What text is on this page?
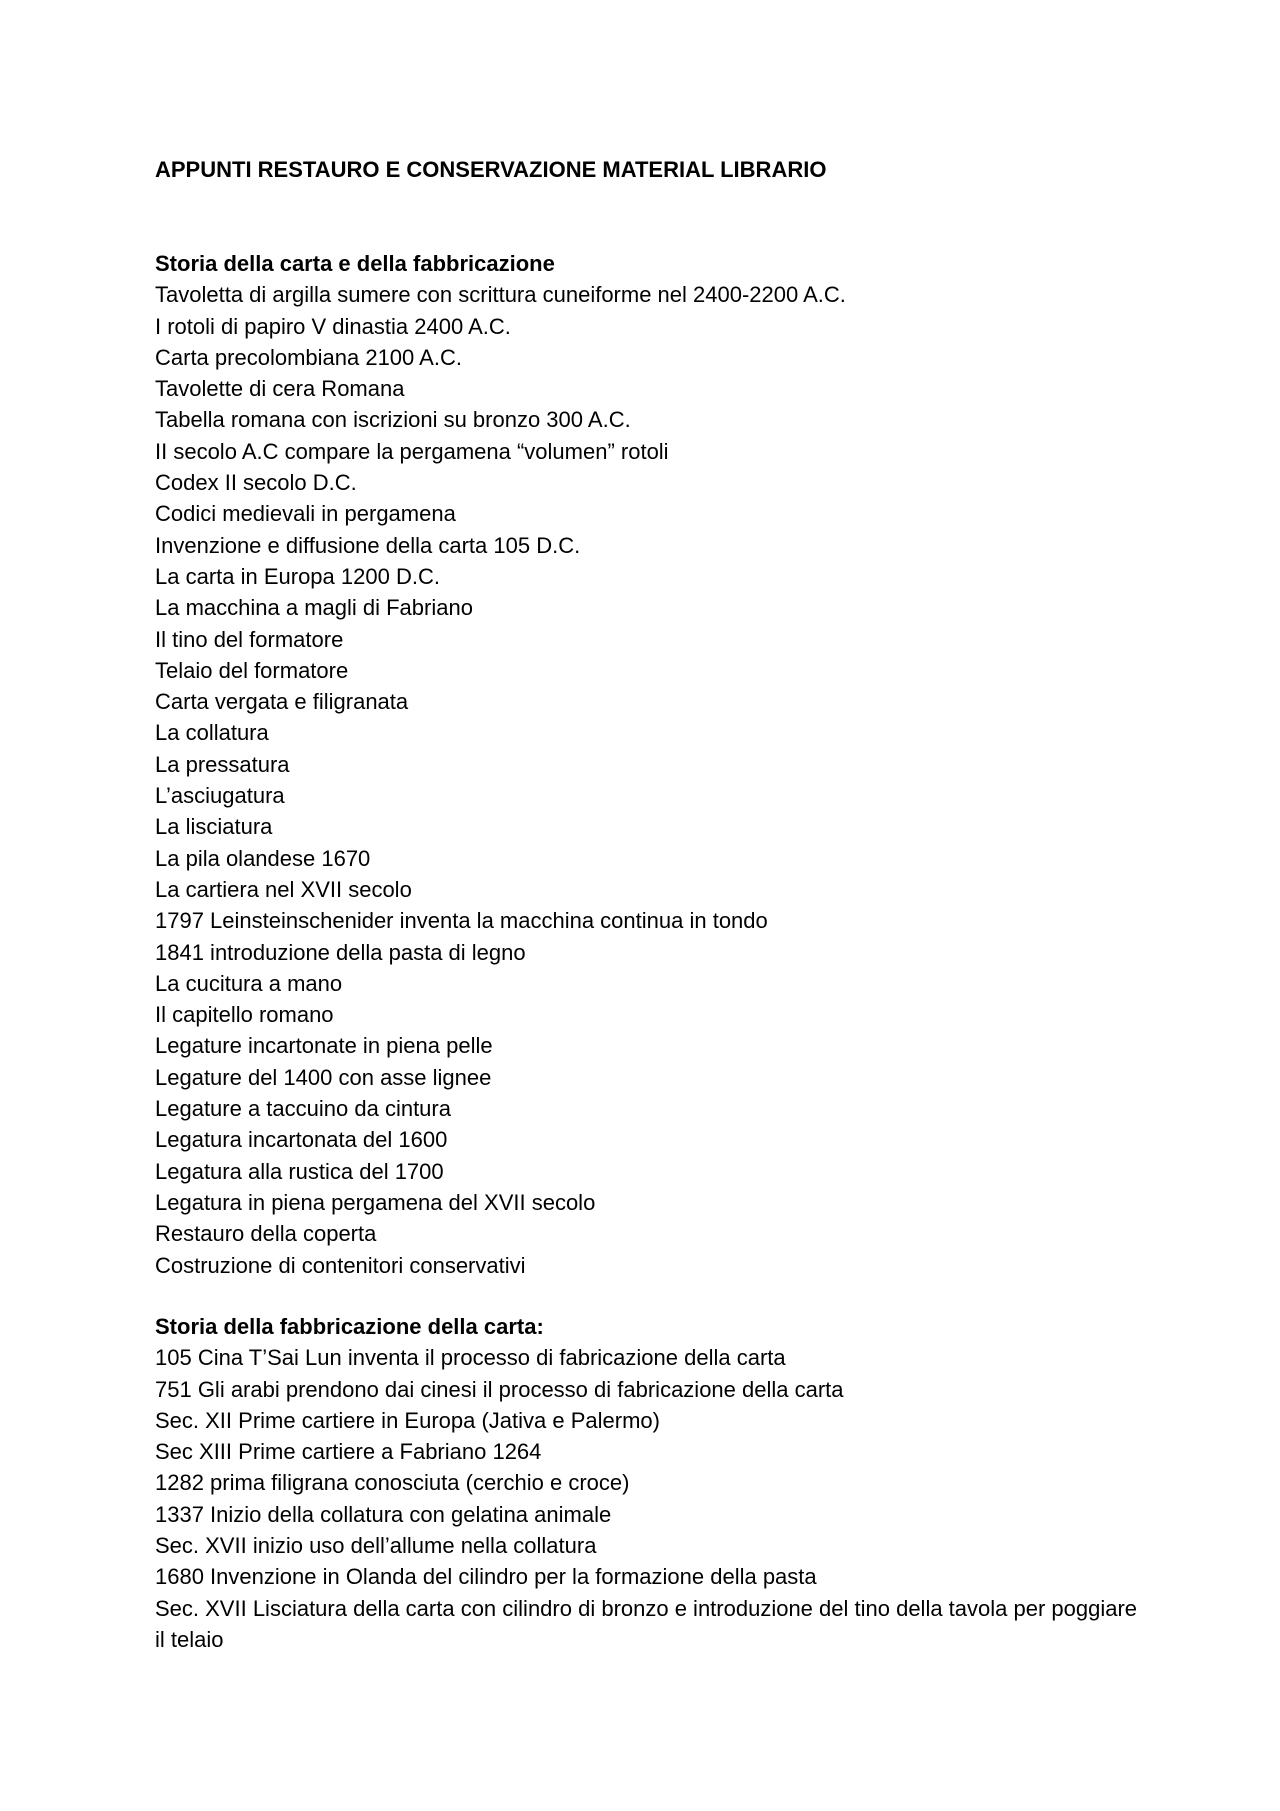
APPUNTI RESTAURO E CONSERVAZIONE MATERIAL LIBRARIO
Storia della carta e della fabbricazione

Tavoletta di argilla sumere con scrittura cuneiforme nel 2400-2200 A.C.

I rotoli di papiro V dinastia 2400 A.C.

Carta precolombiana 2100 A.C.

Tavolette di cera Romana

Tabella romana con iscrizioni su bronzo 300 A.C.

II secolo A.C compare la pergamena “volumen” rotoli

Codex II secolo D.C.

Codici medievali in pergamena

Invenzione e diffusione della carta 105 D.C.

La carta in Europa 1200 D.C.

La macchina a magli di Fabriano

Il tino del formatore

Telaio del formatore

Carta vergata e filigranata

La collatura

La pressatura

L’asciugatura

La lisciatura

La pila olandese 1670

La cartiera nel XVII secolo

1797 Leinsteinschenider inventa la macchina continua in tondo

1841 introduzione della pasta di legno

La cucitura a mano

Il capitello romano

Legature incartonate in piena pelle

Legature del 1400 con asse lignee

Legature a taccuino da cintura

Legatura incartonata del 1600

Legatura alla rustica del 1700

Legatura in piena pergamena del XVII secolo

Restauro della coperta

Costruzione di contenitori conservativi

Storia della fabbricazione della carta:

105 Cina T’Sai Lun inventa il processo di fabricazione della carta

751 Gli arabi prendono dai cinesi il processo di fabricazione della carta

Sec. XII Prime cartiere in Europa (Jativa e Palermo)

Sec XIII Prime cartiere a Fabriano 1264

1282 prima filigrana conosciuta (cerchio e croce)

1337 Inizio della collatura con gelatina animale

Sec. XVII inizio uso dell’allume nella collatura

1680 Invenzione in Olanda del cilindro per la formazione della pasta

Sec. XVII Lisciatura della carta con cilindro di bronzo e introduzione del tino della tavola per poggiare il telaio
